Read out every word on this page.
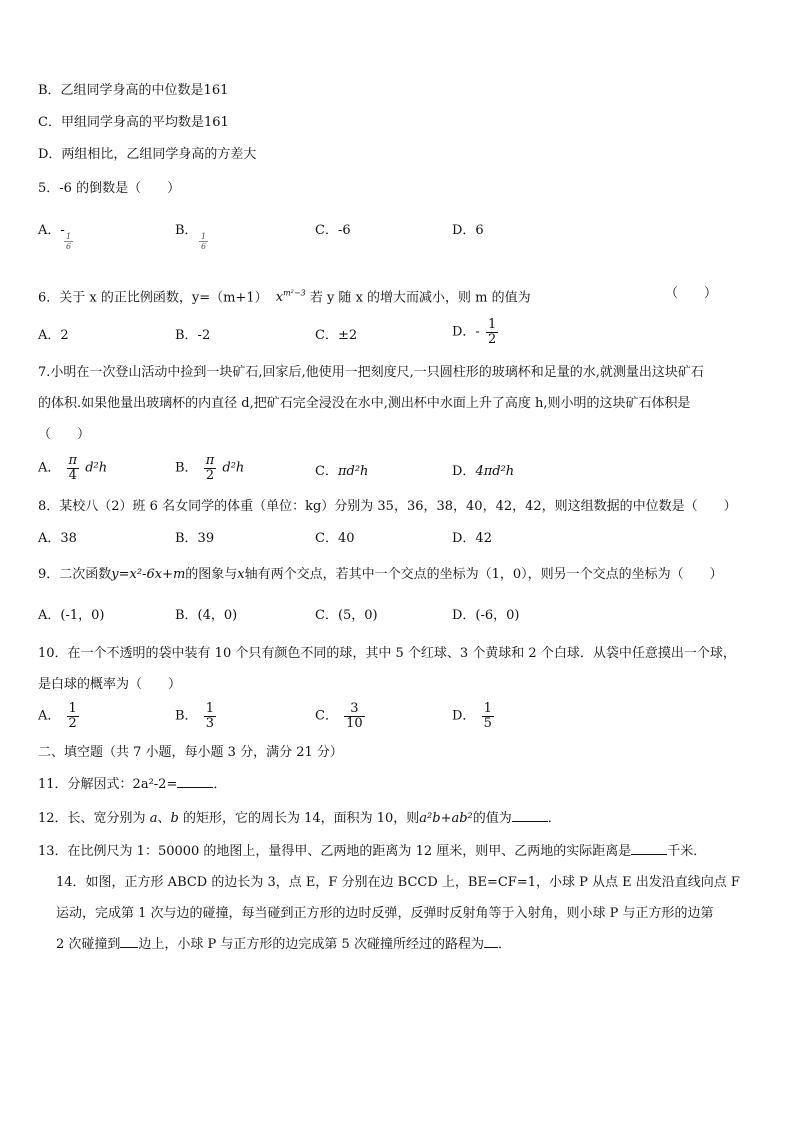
B．乙组同学身高的中位数是161
C．甲组同学身高的平均数是161
D．两组相比，乙组同学身高的方差大
5．-6 的倒数是（　　）
A．-
$\frac{1}{6}$
B．
$\frac{1}{6}$
C．-6	D．6
6．关于 x 的正比例函数，y=（m+1） $x^{m^2-3}$ 若 y 随 x 的增大而减小，则 m 的值为	（　　）
A．2	B．-2	C．±2	D．- $\frac{1}{2}$
7.小明在一次登山活动中捡到一块矿石,回家后,他使用一把刻度尺,一只圆柱形的玻璃杯和足量的水,就测量出这块矿石
的体积.如果他量出玻璃杯的内直径 d,把矿石完全浸没在水中,测出杯中水面上升了高度 h,则小明的这块矿石体积是
（　　）
A． $\frac{\pi}{4} d^2h$	B． $\frac{\pi}{2} d^2h$	C．πd²h	D．4πd²h
8．某校八（2）班 6 名女同学的体重（单位：kg）分别为 35，36，38，40，42，42，则这组数据的中位数是（　　）
A．38	B．39	C．40	D．42
9．二次函数y=x²-6x+m的图象与x轴有两个交点，若其中一个交点的坐标为（1，0），则另一个交点的坐标为（　　）
A．(-1，0)	B．(4，0)	C．(5，0)	D．(-6，0)
10．在一个不透明的袋中装有 10 个只有颜色不同的球，其中 5 个红球、3 个黄球和 2 个白球．从袋中任意摸出一个球，
是白球的概率为（　　）
A． $\frac{1}{2}$	B． $\frac{1}{3}$	C． $\frac{3}{10}$	D． $\frac{1}{5}$
二、填空题（共 7 小题，每小题 3 分，满分 21 分）
11．分解因式：2a²-2=	．
12．长、宽分别为 a、b 的矩形，它的周长为 14，面积为 10，则a²b+ab²的值为	．
13．在比例尺为 1：50000 的地图上，量得甲、乙两地的距离为 12 厘米，则甲、乙两地的实际距离是	千米．
14．如图，正方形 ABCD 的边长为 3，点 E，F 分别在边 BCCD 上，BE=CF=1，小球 P 从点 E 出发沿直线向点 F
运动，完成第 1 次与边的碰撞，每当碰到正方形的边时反弹，反弹时反射角等于入射角，则小球 P 与正方形的边第
2 次碰撞到 边上，小球 P 与正方形的边完成第 5 次碰撞所经过的路程为 ．
